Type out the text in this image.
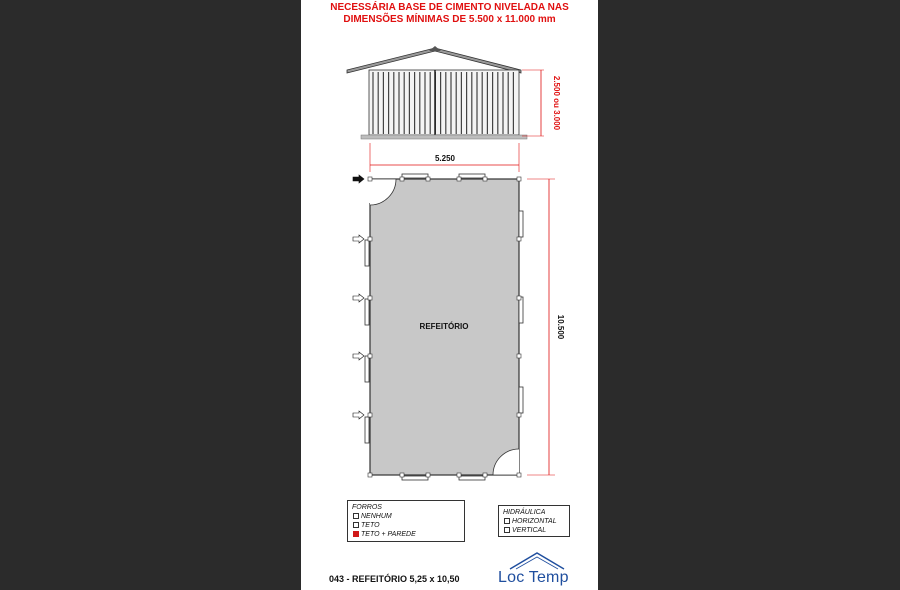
NECESSÁRIA BASE DE CIMENTO NIVELADA NAS
DIMENSÕES MÍNIMAS DE 5.500 x 11.000 mm
2.500 ou 3.000
5.250
REFEITÓRIO	10.500
FORROS
NENHUM
TETO
TETO + PAREDE
HIDRÁULICA
HORIZONTAL
VERTICAL
043 - REFEITÓRIO 5,25 x 10,50 Loc Temp
